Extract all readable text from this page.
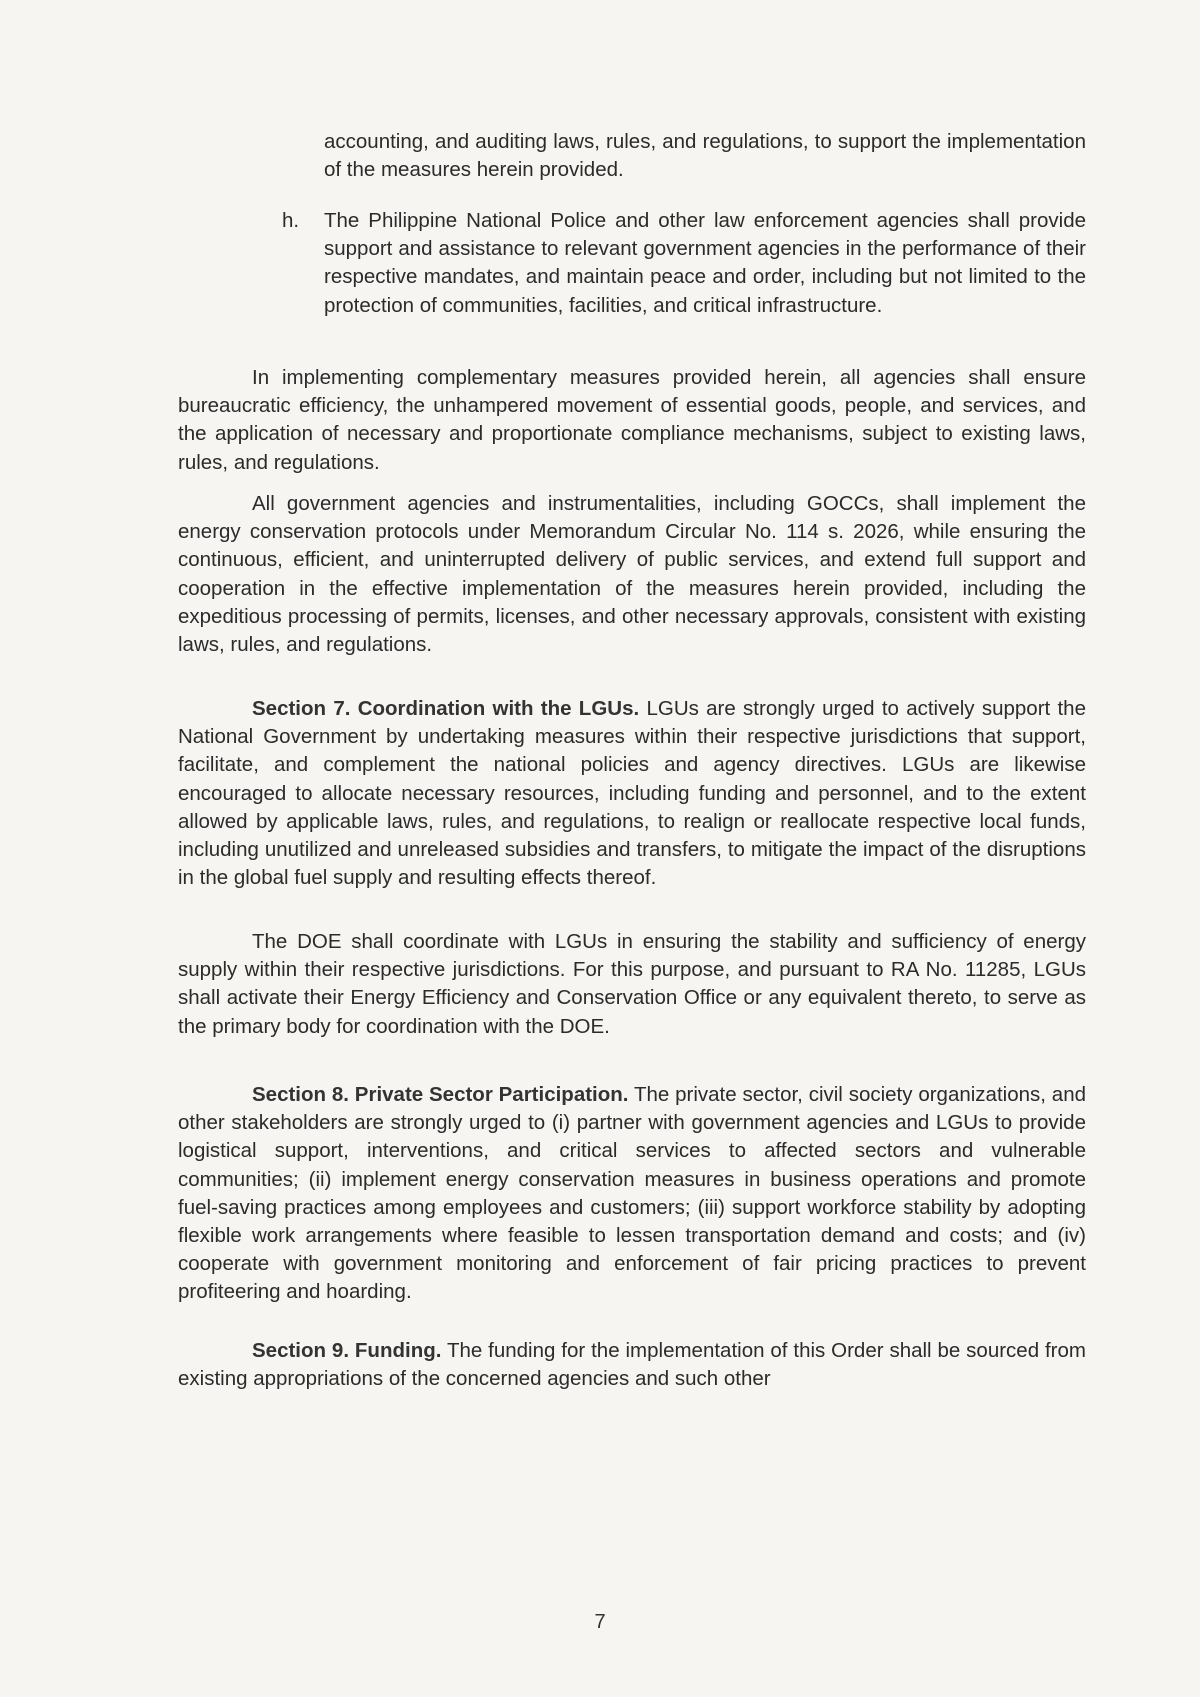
accounting, and auditing laws, rules, and regulations, to support the implementation of the measures herein provided.

h.	The Philippine National Police and other law enforcement agencies shall provide support and assistance to relevant government agencies in the performance of their respective mandates, and maintain peace and order, including but not limited to the protection of communities, facilities, and critical infrastructure.

In implementing complementary measures provided herein, all agencies shall ensure bureaucratic efficiency, the unhampered movement of essential goods, people, and services, and the application of necessary and proportionate compliance mechanisms, subject to existing laws, rules, and regulations.

All government agencies and instrumentalities, including GOCCs, shall implement the energy conservation protocols under Memorandum Circular No. 114 s. 2026, while ensuring the continuous, efficient, and uninterrupted delivery of public services, and extend full support and cooperation in the effective implementation of the measures herein provided, including the expeditious processing of permits, licenses, and other necessary approvals, consistent with existing laws, rules, and regulations.

Section 7. Coordination with the LGUs. LGUs are strongly urged to actively support the National Government by undertaking measures within their respective jurisdictions that support, facilitate, and complement the national policies and agency directives. LGUs are likewise encouraged to allocate necessary resources, including funding and personnel, and to the extent allowed by applicable laws, rules, and regulations, to realign or reallocate respective local funds, including unutilized and unreleased subsidies and transfers, to mitigate the impact of the disruptions in the global fuel supply and resulting effects thereof.

The DOE shall coordinate with LGUs in ensuring the stability and sufficiency of energy supply within their respective jurisdictions. For this purpose, and pursuant to RA No. 11285, LGUs shall activate their Energy Efficiency and Conservation Office or any equivalent thereto, to serve as the primary body for coordination with the DOE.

Section 8. Private Sector Participation. The private sector, civil society organizations, and other stakeholders are strongly urged to (i) partner with government agencies and LGUs to provide logistical support, interventions, and critical services to affected sectors and vulnerable communities; (ii) implement energy conservation measures in business operations and promote fuel-saving practices among employees and customers; (iii) support workforce stability by adopting flexible work arrangements where feasible to lessen transportation demand and costs; and (iv) cooperate with government monitoring and enforcement of fair pricing practices to prevent profiteering and hoarding.

Section 9. Funding. The funding for the implementation of this Order shall be sourced from existing appropriations of the concerned agencies and such other

7
